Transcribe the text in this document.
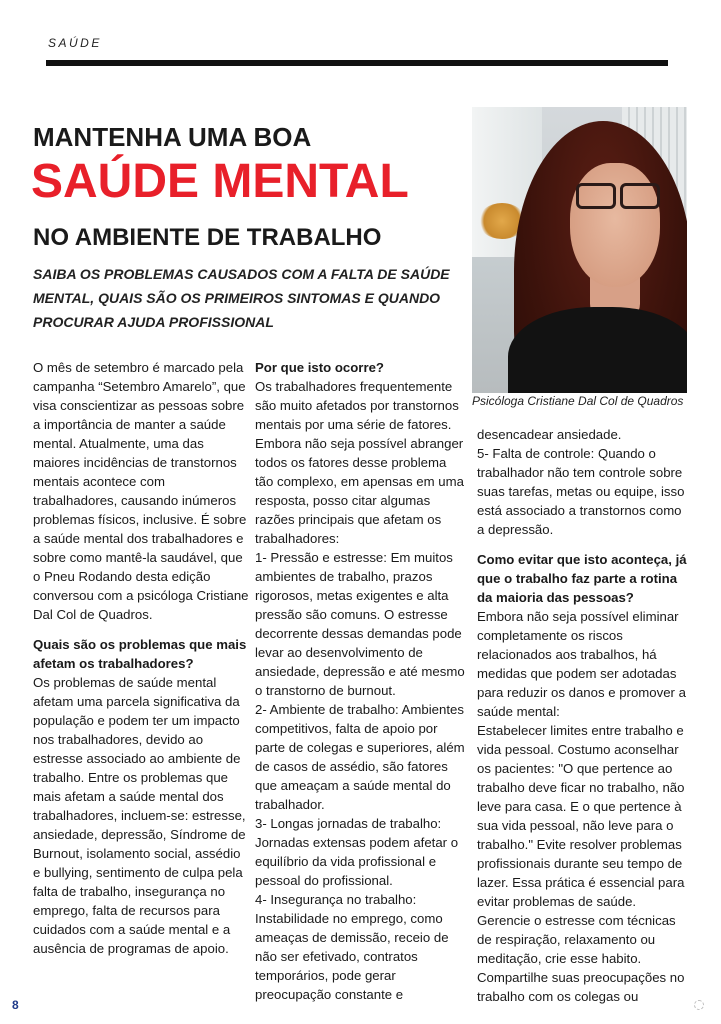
SAÚDE
MANTENHA UMA BOA
SAÚDE MENTAL
NO AMBIENTE DE TRABALHO
SAIBA OS PROBLEMAS CAUSADOS COM A FALTA DE SAÚDE MENTAL, QUAIS SÃO OS PRIMEIROS SINTOMAS E QUANDO PROCURAR AJUDA PROFISSIONAL
Psicóloga Cristiane Dal Col de Quadros

O mês de setembro é marcado pela campanha “Setembro Amarelo”, que visa conscientizar as pessoas sobre a importância de manter a saúde mental. Atualmente, uma das maiores incidências de transtornos mentais acontece com trabalhadores, causando inúmeros problemas físicos, inclusive. É sobre a saúde mental dos trabalhadores e sobre como mantê-la saudável, que o Pneu Rodando desta edição conversou com a psicóloga Cristiane Dal Col de Quadros.

Quais são os problemas que mais afetam os trabalhadores?

Os problemas de saúde mental afetam uma parcela significativa da população e podem ter um impacto nos trabalhadores, devido ao estresse associado ao ambiente de trabalho. Entre os problemas que mais afetam a saúde mental dos trabalhadores, incluem-se: estresse, ansiedade, depressão, Síndrome de Burnout, isolamento social, assédio e bullying, sentimento de culpa pela falta de trabalho, insegurança no emprego, falta de recursos para cuidados com a saúde mental e a ausência de programas de apoio.

Por que isto ocorre?

Os trabalhadores frequentemente são muito afetados por transtornos mentais por uma série de fatores. Embora não seja possível abranger todos os fatores desse problema tão complexo, em apensas em uma resposta, posso citar algumas razões principais que afetam os trabalhadores:

1- Pressão e estresse: Em muitos ambientes de trabalho, prazos rigorosos, metas exigentes e alta pressão são comuns. O estresse decorrente dessas demandas pode levar ao desenvolvimento de ansiedade, depressão e até mesmo o transtorno de burnout.

2- Ambiente de trabalho: Ambientes competitivos, falta de apoio por parte de colegas e superiores, além de casos de assédio, são fatores que ameaçam a saúde mental do trabalhador.

3- Longas jornadas de trabalho: Jornadas extensas podem afetar o equilíbrio da vida profissional e pessoal do profissional.

4- Insegurança no trabalho: Instabilidade no emprego, como ameaças de demissão, receio de não ser efetivado, contratos temporários, pode gerar preocupação constante e

desencadear ansiedade.

5- Falta de controle: Quando o trabalhador não tem controle sobre suas tarefas, metas ou equipe, isso está associado a transtornos como a depressão.

Como evitar que isto aconteça, já que o trabalho faz parte a rotina da maioria das pessoas?

Embora não seja possível eliminar completamente os riscos relacionados aos trabalhos, há medidas que podem ser adotadas para reduzir os danos e promover a saúde mental:

Estabelecer limites entre trabalho e vida pessoal. Costumo aconselhar os pacientes: "O que pertence ao trabalho deve ficar no trabalho, não leve para casa. E o que pertence à sua vida pessoal, não leve para o trabalho." Evite resolver problemas profissionais durante seu tempo de lazer. Essa prática é essencial para evitar problemas de saúde.

Gerencie o estresse com técnicas de respiração, relaxamento ou meditação, crie esse habito.

Compartilhe suas preocupações no trabalho com os colegas ou

8
